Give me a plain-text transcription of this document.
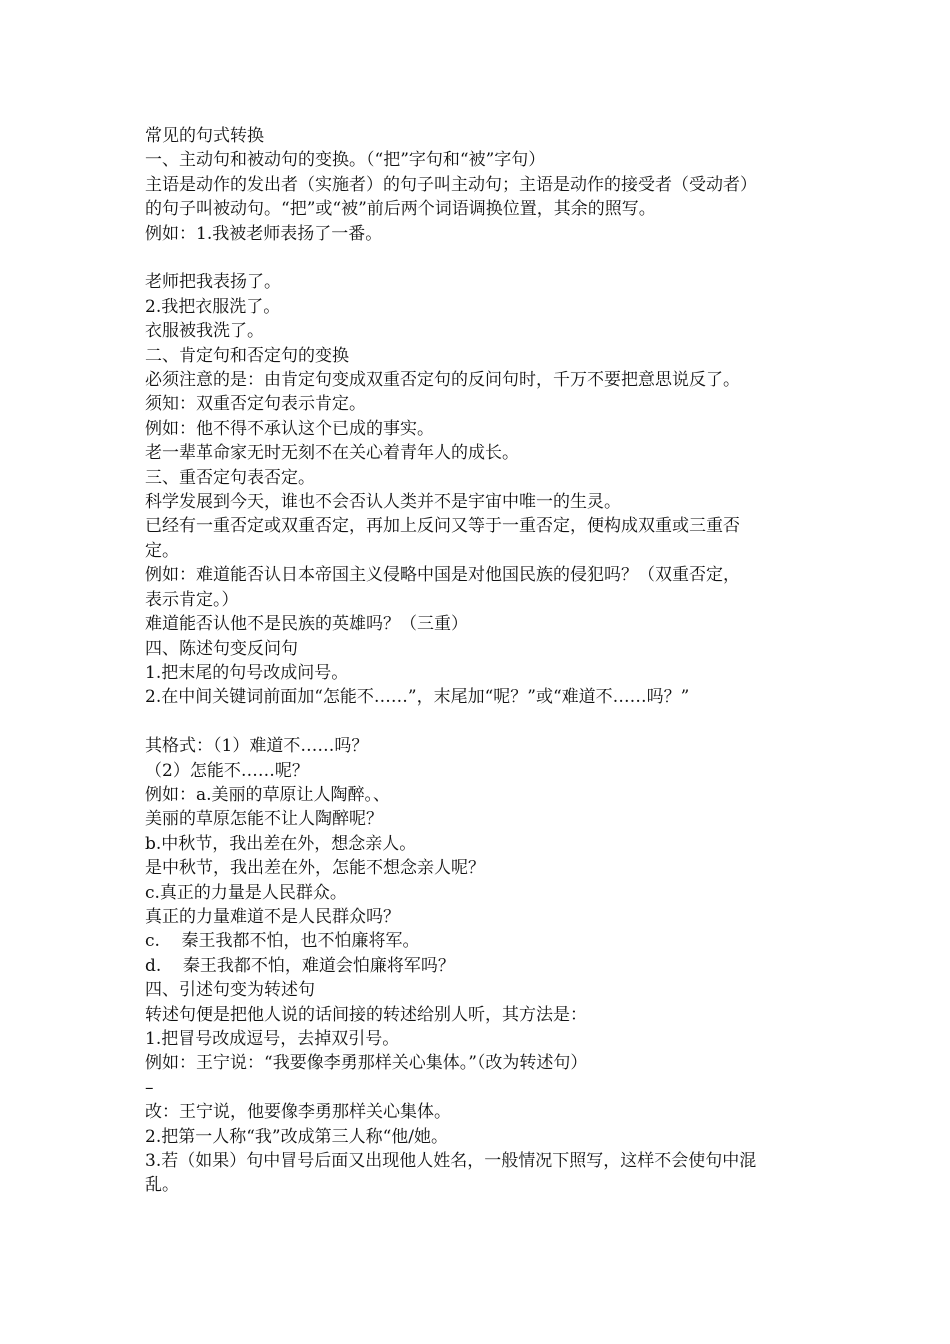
常见的句式转换
一、主动句和被动句的变换。（“把”字句和“被”字句）
主语是动作的发出者（实施者）的句子叫主动句；主语是动作的接受者（受动者）
的句子叫被动句。“把”或“被”前后两个词语调换位置，其余的照写。
例如：1.我被老师表扬了一番。
老师把我表扬了。
2.我把衣服洗了。
衣服被我洗了。
二、肯定句和否定句的变换
必须注意的是：由肯定句变成双重否定句的反问句时，千万不要把意思说反了。
须知：双重否定句表示肯定。
例如：他不得不承认这个已成的事实。
老一辈革命家无时无刻不在关心着青年人的成长。
三、重否定句表否定。
科学发展到今天，谁也不会否认人类并不是宇宙中唯一的生灵。
已经有一重否定或双重否定，再加上反问又等于一重否定，便构成双重或三重否
定。
例如：难道能否认日本帝国主义侵略中国是对他国民族的侵犯吗？（双重否定，
表示肯定。）
难道能否认他不是民族的英雄吗？（三重）
四、陈述句变反问句
1.把末尾的句号改成问号。
2.在中间关键词前面加“怎能不……”，末尾加“呢？”或“难道不……吗？”
其格式：（1）难道不……吗？
（2）怎能不……呢？
例如：a.美丽的草原让人陶醉。、
美丽的草原怎能不让人陶醉呢？
b.中秋节，我出差在外，想念亲人。
是中秋节，我出差在外，怎能不想念亲人呢？
c.真正的力量是人民群众。
真正的力量难道不是人民群众吗？
c.    秦王我都不怕，也不怕廉将军。
d.    秦王我都不怕，难道会怕廉将军吗？
四、引述句变为转述句
转述句便是把他人说的话间接的转述给别人听，其方法是：
1.把冒号改成逗号，去掉双引号。
例如：王宁说：“我要像李勇那样关心集体。”（改为转述句）
–
改：王宁说，他要像李勇那样关心集体。
2.把第一人称“我”改成第三人称“他/她。
3.若（如果）句中冒号后面又出现他人姓名，一般情况下照写，这样不会使句中混
乱。
